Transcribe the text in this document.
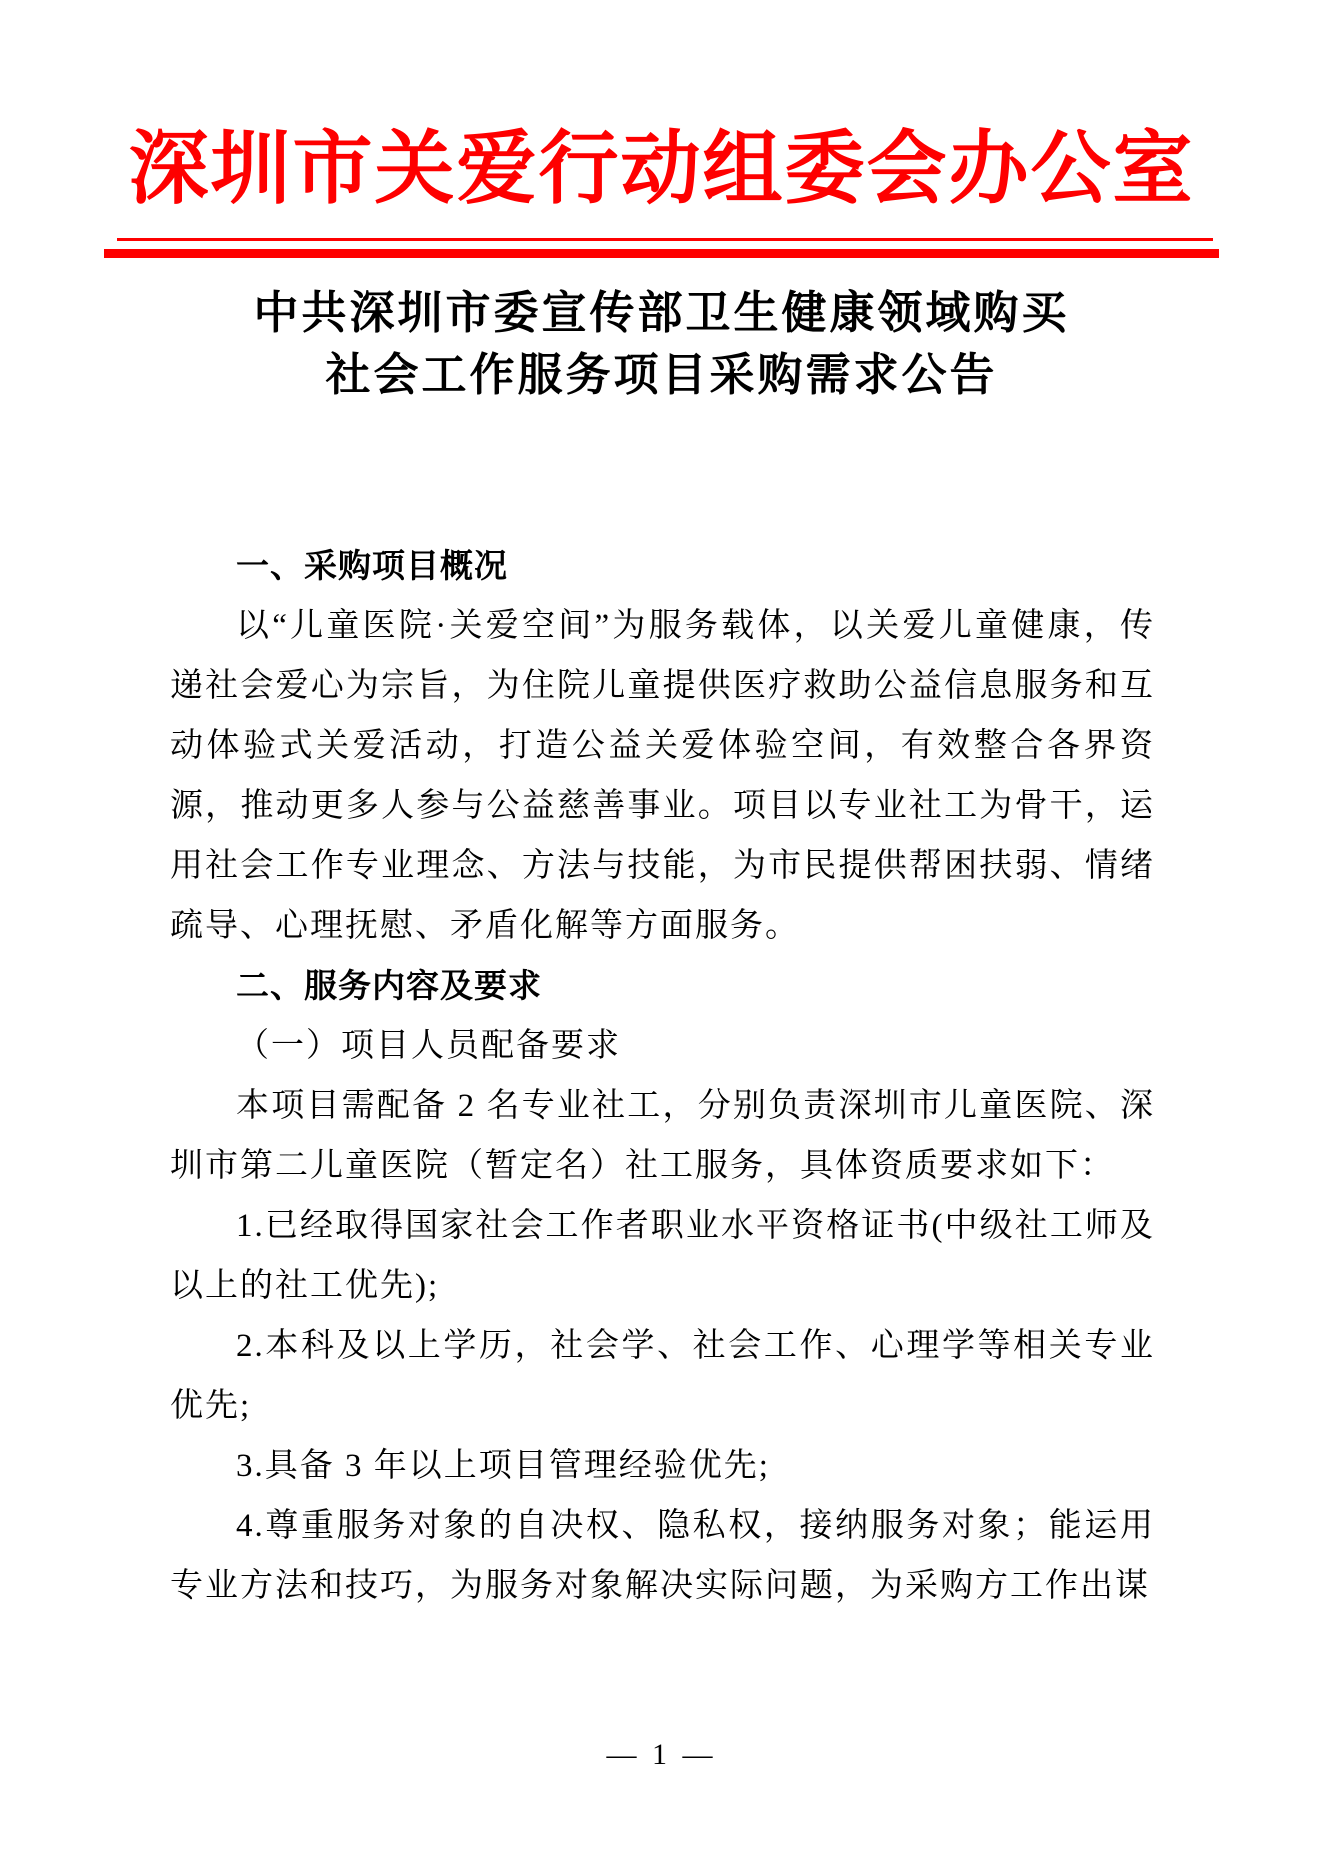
深圳市关爱行动组委会办公室
中共深圳市委宣传部卫生健康领域购买
社会工作服务项目采购需求公告

一、采购项目概况

以“儿童医院·关爱空间”为服务载体，以关爱儿童健康，传递社会爱心为宗旨，为住院儿童提供医疗救助公益信息服务和互动体验式关爱活动，打造公益关爱体验空间，有效整合各界资源，推动更多人参与公益慈善事业。项目以专业社工为骨干，运用社会工作专业理念、方法与技能，为市民提供帮困扶弱、情绪疏导、心理抚慰、矛盾化解等方面服务。

二、服务内容及要求

（一）项目人员配备要求

本项目需配备 2 名专业社工，分别负责深圳市儿童医院、深圳市第二儿童医院（暂定名）社工服务，具体资质要求如下：

1.已经取得国家社会工作者职业水平资格证书(中级社工师及以上的社工优先);

2.本科及以上学历，社会学、社会工作、心理学等相关专业优先;

3.具备 3 年以上项目管理经验优先;

4.尊重服务对象的自决权、隐私权，接纳服务对象；能运用专业方法和技巧，为服务对象解决实际问题，为采购方工作出谋

— 1 —
